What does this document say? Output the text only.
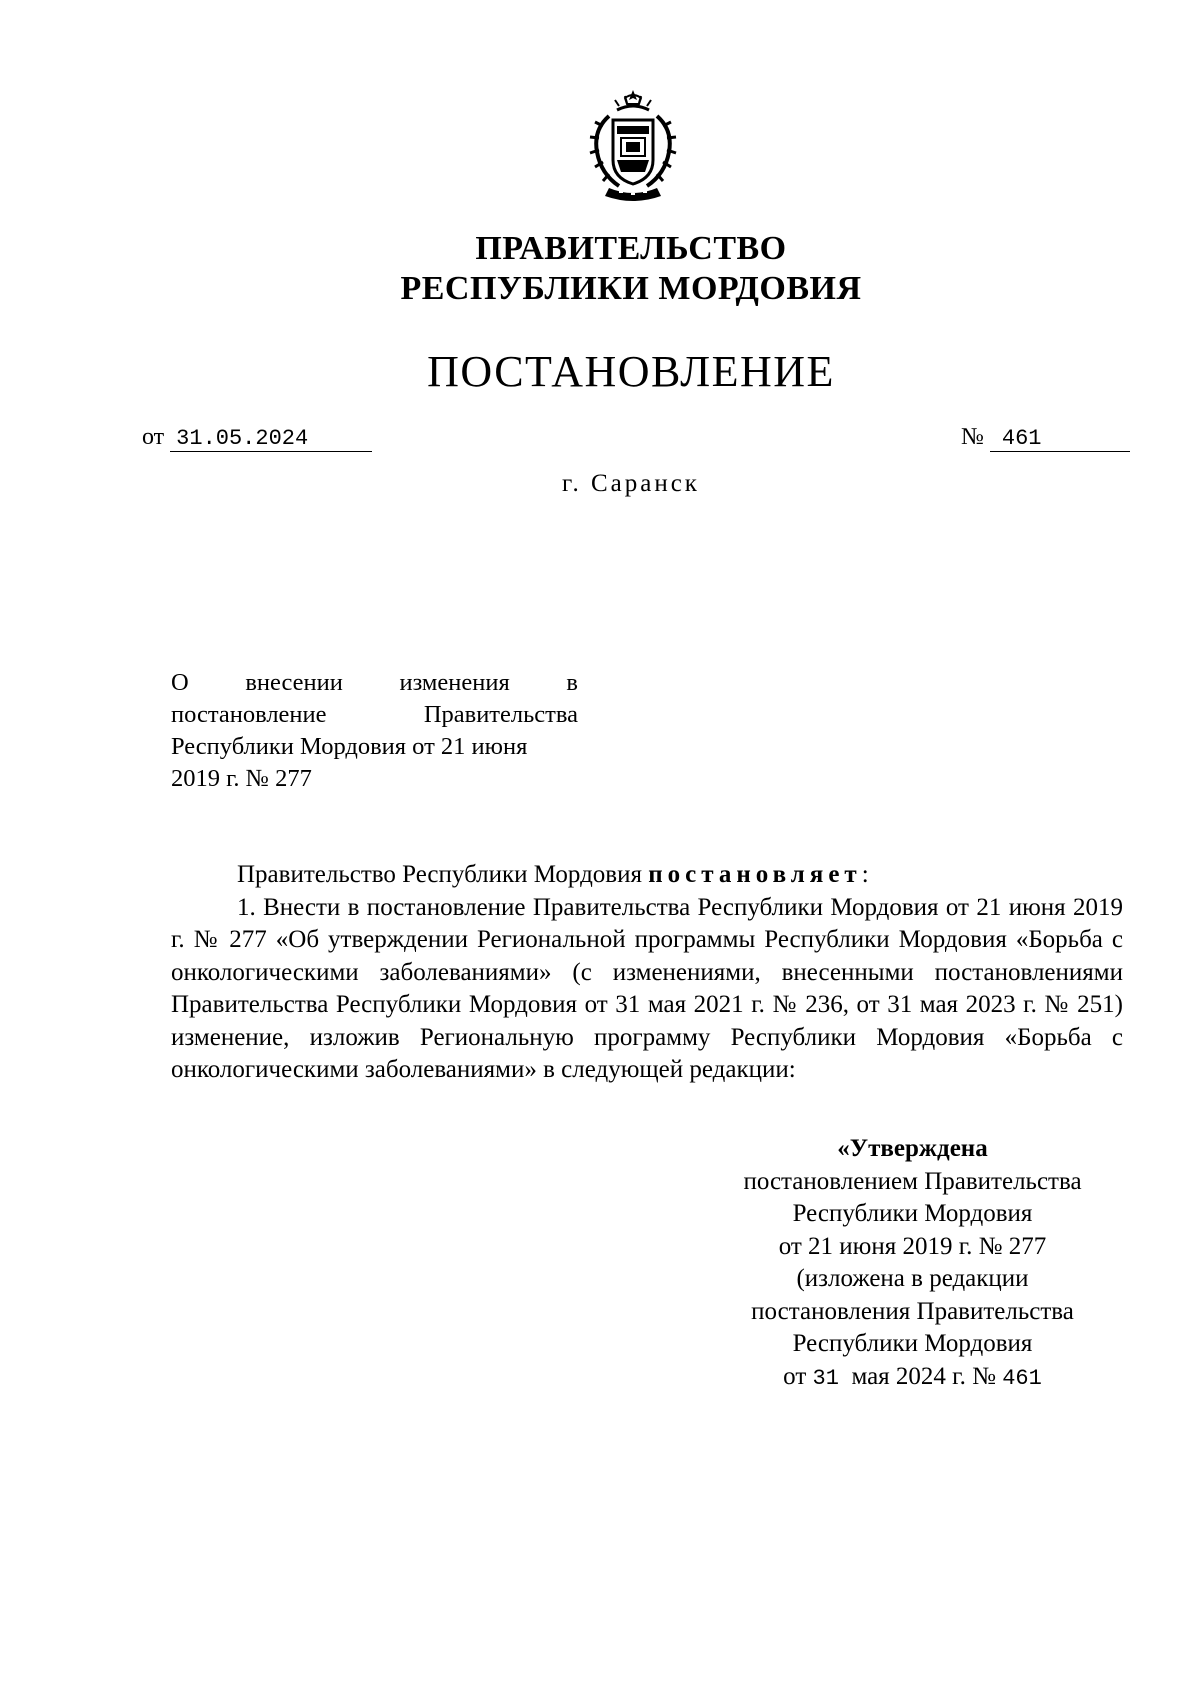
ПРАВИТЕЛЬСТВО
РЕСПУБЛИКИ МОРДОВИЯ
ПОСТАНОВЛЕНИЕ
от 31.05.2024	№ 461
г. Саранск
О внесении изменения в
постановление	Правительства
Республики Мордовия от 21 июня
2019 г. № 277

Правительство Республики Мордовия постановляет:

1. Внести в постановление Правительства Республики Мордовия от 21 июня 2019 г. № 277 «Об утверждении Региональной программы Республики Мордовия «Борьба с онкологическими заболеваниями» (с изменениями, внесенными постановлениями Правительства Республики Мордовия от 31 мая 2021 г. № 236, от 31 мая 2023 г. № 251) изменение, изложив Региональную программу Республики Мордовия «Борьба с онкологическими заболеваниями» в следующей редакции:

«Утверждена
постановлением Правительства
Республики Мордовия
от 21 июня 2019 г. № 277
(изложена в редакции
постановления Правительства
Республики Мордовия
от 31 мая 2024 г. № 461
